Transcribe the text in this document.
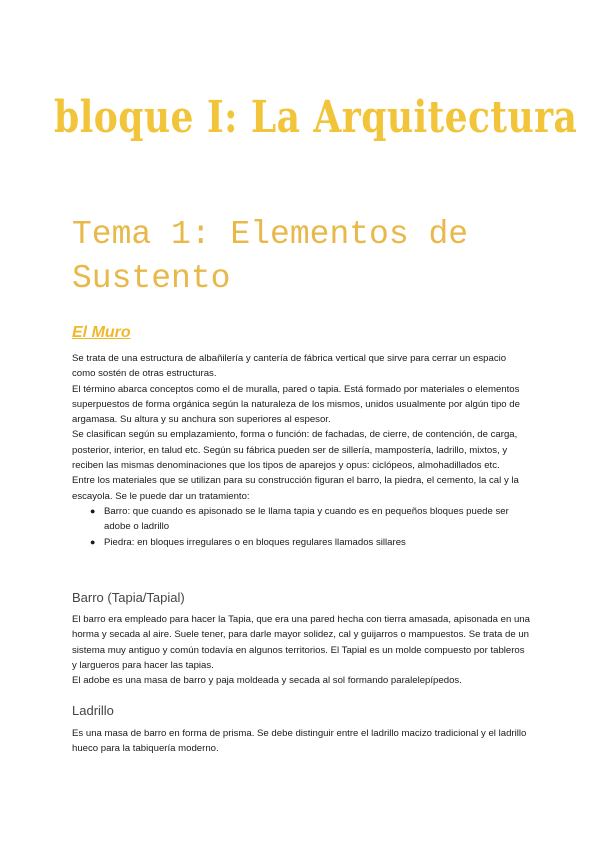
bloque I: La Arquitectura
Tema 1: Elementos de Sustento
El Muro

Se trata de una estructura de albañilería y cantería de fábrica vertical que sirve para cerrar un espacio como sostén de otras estructuras.

El término abarca conceptos como el de muralla, pared o tapia. Está formado por materiales o elementos superpuestos de forma orgánica según la naturaleza de los mismos, unidos usualmente por algún tipo de argamasa. Su altura y su anchura son superiores al espesor.

Se clasifican según su emplazamiento, forma o función: de fachadas, de cierre, de contención, de carga, posterior, interior, en talud etc. Según su fábrica pueden ser de sillería, mampostería, ladrillo, mixtos, y reciben las mismas denominaciones que los tipos de aparejos y opus: ciclópeos, almohadillados etc.

Entre los materiales que se utilizan para su construcción figuran el barro, la piedra, el cemento, la cal y la escayola. Se le puede dar un tratamiento:

● Barro: que cuando es apisonado se le llama tapia y cuando es en pequeños bloques puede ser adobe o ladrillo
● Piedra: en bloques irregulares o en bloques regulares llamados sillares
Barro (Tapia/Tapial)

El barro era empleado para hacer la Tapia, que era una pared hecha con tierra amasada, apisonada en una horma y secada al aire. Suele tener, para darle mayor solidez, cal y guijarros o mampuestos. Se trata de un sistema muy antiguo y común todavía en algunos territorios. El Tapial es un molde compuesto por tableros y largueros para hacer las tapias.

El adobe es una masa de barro y paja moldeada y secada al sol formando paralelepípedos.

Ladrillo

Es una masa de barro en forma de prisma. Se debe distinguir entre el ladrillo macizo tradicional y el ladrillo hueco para la tabiquería moderno.
